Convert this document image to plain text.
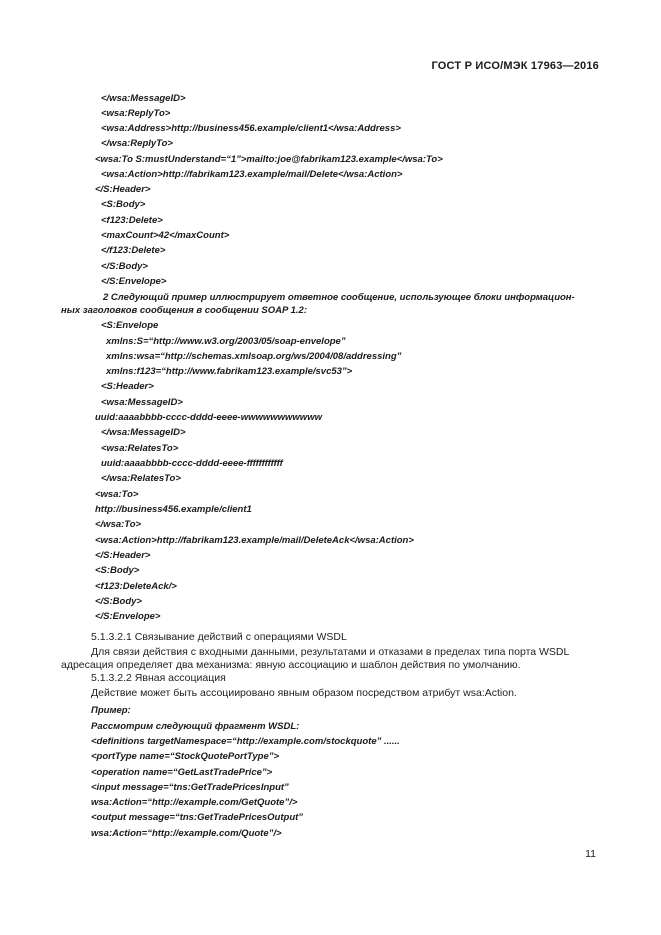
ГОСТ Р ИСО/МЭК 17963—2016
</wsa:MessageID>
<wsa:ReplyTo>
<wsa:Address>http://business456.example/client1</wsa:Address>
</wsa:ReplyTo>
<wsa:To S:mustUnderstand=“1”>mailto:joe@fabrikam123.example</wsa:To>
<wsa:Action>http://fabrikam123.example/mail/Delete</wsa:Action>
</S:Header>
<S:Body>
<f123:Delete>
<maxCount>42</maxCount>
</f123:Delete>
</S:Body>
</S:Envelope>
2 Следующий пример иллюстрирует ответное сообщение, использующее блоки информацион-
ных заголовков сообщения в сообщении SOAP 1.2:
<S:Envelope
xmlns:S=“http://www.w3.org/2003/05/soap-envelope”
xmlns:wsa=“http://schemas.xmlsoap.org/ws/2004/08/addressing”
xmlns:f123=“http://www.fabrikam123.example/svc53”>
<S:Header>
<wsa:MessageID>
uuid:aaaabbbb-cccc-dddd-eeee-wwwwwwwwwww
</wsa:MessageID>
<wsa:RelatesTo>
uuid:aaaabbbb-cccc-dddd-eeee-ffffffffffff
</wsa:RelatesTo>
<wsa:To>
http://business456.example/client1
</wsa:To>
<wsa:Action>http://fabrikam123.example/mail/DeleteAck</wsa:Action>
</S:Header>
<S:Body>
<f123:DeleteAck/>
</S:Body>
</S:Envelope>
5.1.3.2.1 Связывание действий с операциями WSDL
Для связи действия с входными данными, результатами и отказами в пределах типа порта WSDL
адресация определяет два механизма: явную ассоциацию и шаблон действия по умолчанию.
5.1.3.2.2 Явная ассоциация
Действие может быть ассоциировано явным образом посредством атрибут wsa:Action.
Пример:
Рассмотрим следующий фрагмент WSDL:
<definitions targetNamespace=“http://example.com/stockquote” ......
<portType name=“StockQuotePortType”>
<operation name=“GetLastTradePrice”>
<input message=“tns:GetTradePricesInput”
wsa:Action=“http://example.com/GetQuote”/>
<output message=“tns:GetTradePricesOutput”
wsa:Action=“http://example.com/Quote”/>
11
